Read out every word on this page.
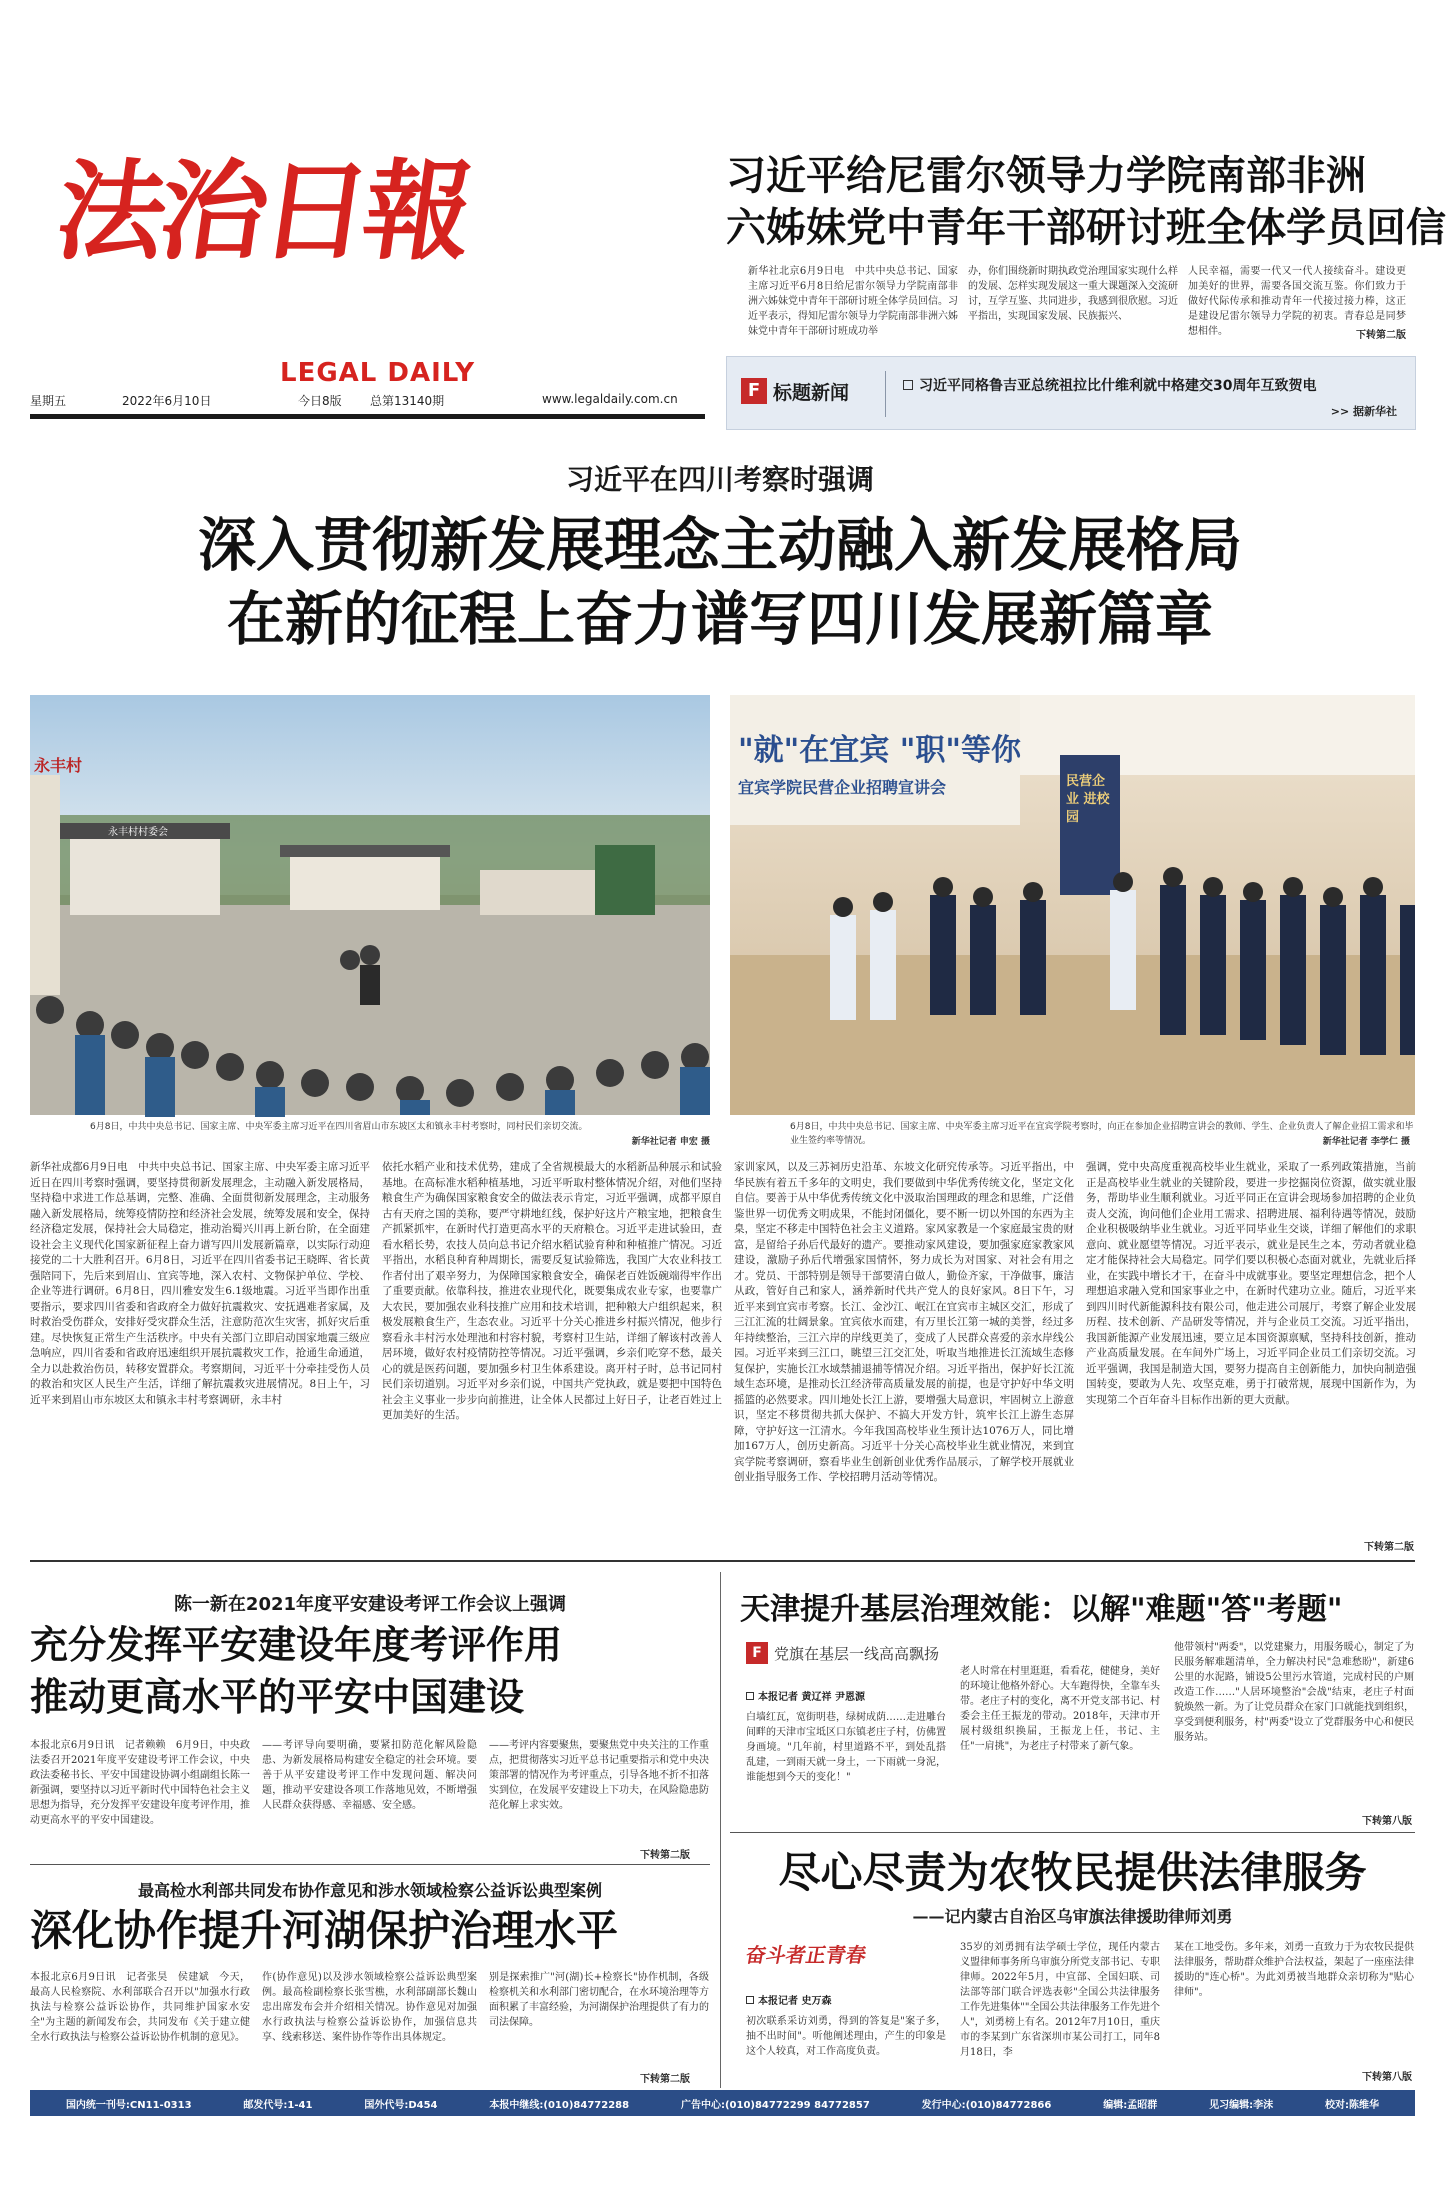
法治日報
LEGAL DAILY
星期五	2022年6月10日	今日8版 总第13140期	www.legaldaily.com.cn
习近平给尼雷尔领导力学院南部非洲
六姊妹党中青年干部研讨班全体学员回信
新华社北京6月9日电　中共中央总书记、国家主席习近平6月8日给尼雷尔领导力学院南部非洲六姊妹党中青年干部研讨班全体学员回信。习近平表示，得知尼雷尔领导力学院南部非洲六姊妹党中青年干部研讨班成功举
办，你们围绕新时期执政党治理国家实现什么样的发展、怎样实现发展这一重大课题深入交流研讨，互学互鉴、共同进步，我感到很欣慰。习近平指出，实现国家发展、民族振兴、
人民幸福，需要一代又一代人接续奋斗。建设更加美好的世界，需要各国交流互鉴。你们致力于做好代际传承和推动青年一代接过接力棒，这正是建设尼雷尔领导力学院的初衷。青春总是同梦想相伴。	下转第二版
F 标题新闻	习近平同格鲁吉亚总统祖拉比什维利就中格建交30周年互致贺电
>> 据新华社
习近平在四川考察时强调
深入贯彻新发展理念主动融入新发展格局
在新的征程上奋力谱写四川发展新篇章
永丰村
永丰村村委会
6月8日，中共中央总书记、国家主席、中央军委主席习近平在四川省眉山市东坡区太和镇永丰村考察时，同村民们亲切交流。
新华社记者 申宏 摄
"就"在宜宾 "职"等你
宜宾学院民营企业招聘宣讲会	民营企业 进校园
6月8日，中共中央总书记、国家主席、中央军委主席习近平在宜宾学院考察时，向正在参加企业招聘宣讲会的教师、学生、企业负责人了解企业招工需求和毕业生签约率等情况。	新华社记者 李学仁 摄
新华社成都6月9日电　中共中央总书记、国家主席、中央军委主席习近平近日在四川考察时强调，要坚持贯彻新发展理念，主动融入新发展格局，坚持稳中求进工作总基调，完整、准确、全面贯彻新发展理念，主动服务融入新发展格局，统筹疫情防控和经济社会发展，统筹发展和安全，保持经济稳定发展，保持社会大局稳定，推动治蜀兴川再上新台阶，在全面建设社会主义现代化国家新征程上奋力谱写四川发展新篇章，以实际行动迎接党的二十大胜利召开。6月8日，习近平在四川省委书记王晓晖、省长黄强陪同下，先后来到眉山、宜宾等地，深入农村、文物保护单位、学校、企业等进行调研。6月8日，四川雅安发生6.1级地震。习近平当即作出重要指示，要求四川省委和省政府全力做好抗震救灾、安抚遇难者家属，及时救治受伤群众，安排好受灾群众生活，注意防范次生灾害，抓好灾后重建。尽快恢复正常生产生活秩序。中央有关部门立即启动国家地震三级应急响应，四川省委和省政府迅速组织开展抗震救灾工作，抢通生命通道，全力以赴救治伤员，转移安置群众。考察期间，习近平十分牵挂受伤人员的救治和灾区人民生产生活，详细了解抗震救灾进展情况。8日上午，习近平来到眉山市东坡区太和镇永丰村考察调研，永丰村
依托水稻产业和技术优势，建成了全省规模最大的水稻新品种展示和试验基地。在高标准水稻种植基地，习近平听取村整体情况介绍，对他们坚持粮食生产为确保国家粮食安全的做法表示肯定，习近平强调，成都平原自古有天府之国的美称，要严守耕地红线，保护好这片产粮宝地，把粮食生产抓紧抓牢，在新时代打造更高水平的天府粮仓。习近平走进试验田，查看水稻长势，农技人员向总书记介绍水稻试验育种和种植推广情况。习近平指出，水稻良种育种周期长，需要反复试验筛选，我国广大农业科技工作者付出了艰辛努力，为保障国家粮食安全，确保老百姓饭碗端得牢作出了重要贡献。依靠科技，推进农业现代化，既要集成农业专家，也要靠广大农民，要加强农业科技推广应用和技术培训，把种粮大户组织起来，积极发展粮食生产，生态农业。习近平十分关心推进乡村振兴情况，他步行察看永丰村污水处理池和村容村貌，考察村卫生站，详细了解该村改善人居环境，做好农村疫情防控等情况。习近平强调，乡亲们吃穿不愁，最关心的就是医药问题，要加强乡村卫生体系建设。离开村子时，总书记同村民们亲切道别。习近平对乡亲们说，中国共产党执政，就是要把中国特色社会主义事业一步步向前推进，让全体人民都过上好日子，让老百姓过上更加美好的生活。
家训家风，以及三苏祠历史沿革、东坡文化研究传承等。习近平指出，中华民族有着五千多年的文明史，我们要做到中华优秀传统文化，坚定文化自信。要善于从中华优秀传统文化中汲取治国理政的理念和思维，广泛借鉴世界一切优秀文明成果，不能封闭僵化，要不断一切以外国的东西为主臬，坚定不移走中国特色社会主义道路。家风家教是一个家庭最宝贵的财富，是留给子孙后代最好的遗产。要推动家风建设，要加强家庭家教家风建设，激励子孙后代增强家国情怀，努力成长为对国家、对社会有用之才。党员、干部特别是领导干部要清白做人，勤俭齐家，干净做事，廉洁从政，管好自己和家人，涵养新时代共产党人的良好家风。8日下午，习近平来到宜宾市考察。长江、金沙江、岷江在宜宾市主城区交汇，形成了三江汇流的壮阔景象。宜宾依水而建，有万里长江第一城的美誉，经过多年持续整治，三江六岸的岸线更美了，变成了人民群众喜爱的亲水岸线公园。习近平来到三江口，眺望三江交汇处，听取当地推进长江流域生态修复保护，实施长江水域禁捕退捕等情况介绍。习近平指出，保护好长江流域生态环境，是推动长江经济带高质量发展的前提，也是守护好中华文明摇篮的必然要求。四川地处长江上游，要增强大局意识，牢固树立上游意识，坚定不移贯彻共抓大保护、不搞大开发方针，筑牢长江上游生态屏障，守护好这一江清水。今年我国高校毕业生预计达1076万人，同比增加167万人，创历史新高。习近平十分关心高校毕业生就业情况，来到宜宾学院考察调研，察看毕业生创新创业优秀作品展示，了解学校开展就业创业指导服务工作、学校招聘月活动等情况。
强调，党中央高度重视高校毕业生就业，采取了一系列政策措施，当前正是高校毕业生就业的关键阶段，要进一步挖掘岗位资源，做实就业服务，帮助毕业生顺利就业。习近平同正在宣讲会现场参加招聘的企业负责人交流，询问他们企业用工需求、招聘进展、福利待遇等情况，鼓励企业积极吸纳毕业生就业。习近平同毕业生交谈，详细了解他们的求职意向、就业愿望等情况。习近平表示，就业是民生之本，劳动者就业稳定才能保持社会大局稳定。同学们要以积极心态面对就业，先就业后择业，在实践中增长才干，在奋斗中成就事业。要坚定理想信念，把个人理想追求融入党和国家事业之中，在新时代建功立业。随后，习近平来到四川时代新能源科技有限公司，他走进公司展厅，考察了解企业发展历程、技术创新、产品研发等情况，并与企业员工交流。习近平指出，我国新能源产业发展迅速，要立足本国资源禀赋，坚持科技创新，推动产业高质量发展。在车间外广场上，习近平同企业员工们亲切交流。习近平强调，我国是制造大国，要努力提高自主创新能力，加快向制造强国转变，要敢为人先、攻坚克难，勇于打破常规，展现中国新作为，为实现第二个百年奋斗目标作出新的更大贡献。
下转第二版
陈一新在2021年度平安建设考评工作会议上强调
充分发挥平安建设年度考评作用
推动更高水平的平安中国建设
本报北京6月9日讯　记者赖赖　6月9日，中央政法委召开2021年度平安建设考评工作会议，中央政法委秘书长、平安中国建设协调小组副组长陈一新强调，要坚持以习近平新时代中国特色社会主义思想为指导，充分发挥平安建设年度考评作用，推动更高水平的平安中国建设。
——考评导向要明确，要紧扣防范化解风险隐患、为新发展格局构建安全稳定的社会环境。要善于从平安建设考评工作中发现问题、解决问题，推动平安建设各项工作落地见效，不断增强人民群众获得感、幸福感、安全感。
——考评内容要聚焦，要聚焦党中央关注的工作重点，把贯彻落实习近平总书记重要指示和党中央决策部署的情况作为考评重点，引导各地不折不扣落实到位，在发展平安建设上下功夫，在风险隐患防范化解上求实效。
下转第二版
最高检水利部共同发布协作意见和涉水领域检察公益诉讼典型案例
深化协作提升河湖保护治理水平
本报北京6月9日讯　记者张昊　侯建斌　今天，最高人民检察院、水利部联合召开以"加强水行政执法与检察公益诉讼协作，共同维护国家水安全"为主题的新闻发布会，共同发布《关于建立健全水行政执法与检察公益诉讼协作机制的意见》。
作(协作意见)以及涉水领域检察公益诉讼典型案例。最高检副检察长张雪樵，水利部副部长魏山忠出席发布会并介绍相关情况。协作意见对加强水行政执法与检察公益诉讼协作，加强信息共享、线索移送、案件协作等作出具体规定。
别是探索推广"河(湖)长+检察长"协作机制，各级检察机关和水利部门密切配合，在水环境治理等方面积累了丰富经验，为河湖保护治理提供了有力的司法保障。
下转第二版
天津提升基层治理效能：以解"难题"答"考题"
F 党旗在基层一线高高飘扬
本报记者 黄辽祥 尹恩源
白墙红瓦，宽街明巷，绿树成荫……走进雕台间畔的天津市宝坻区口东镇老庄子村，仿佛置身画境。"几年前，村里道路不平，到处乱搭乱建，一到雨天就一身土，一下雨就一身泥，谁能想到今天的变化！"
老人时常在村里逛逛，看看花，健健身，美好的环境让他格外舒心。大车跑得快，全靠车头带。老庄子村的变化，离不开党支部书记、村委会主任王振龙的带动。2018年，天津市开展村级组织换届，王振龙上任，书记、主任"一肩挑"，为老庄子村带来了新气象。
他带领村"两委"，以党建聚力，用服务暖心，制定了为民服务解难题清单，全力解决村民"急难愁盼"，新建6公里的水泥路，铺设5公里污水管道，完成村民的户厕改造工作……"人居环境整治"会战"结束，老庄子村面貌焕然一新。为了让党员群众在家门口就能找到组织，享受到便利服务，村"两委"设立了党群服务中心和便民服务站。
下转第八版
尽心尽责为农牧民提供法律服务
——记内蒙古自治区乌审旗法律援助律师刘勇
奋斗者正青春
本报记者 史万森
初次联系采访刘勇，得到的答复是"案子多，抽不出时间"。听他阐述理由，产生的印象是这个人较真，对工作高度负责。
35岁的刘勇拥有法学硕士学位，现任内蒙古义盟律师事务所乌审旗分所党支部书记、专职律师。2022年5月，中宣部、全国妇联、司法部等部门联合评选表彰"全国公共法律服务工作先进集体""全国公共法律服务工作先进个人"，刘勇榜上有名。2012年7月10日，重庆市的李某到广东省深圳市某公司打工，同年8月18日，李
某在工地受伤。多年来，刘勇一直致力于为农牧民提供法律服务，帮助群众维护合法权益，架起了一座座法律援助的"连心桥"。为此刘勇被当地群众亲切称为"贴心律师"。
下转第八版
国内统一刊号:CN11-0313	邮发代号:1-41	国外代号:D454	本报中继线:(010)84772288	广告中心:(010)84772299 84772857	发行中心:(010)84772866	编辑:孟昭群	见习编辑:李沫	校对:陈维华
